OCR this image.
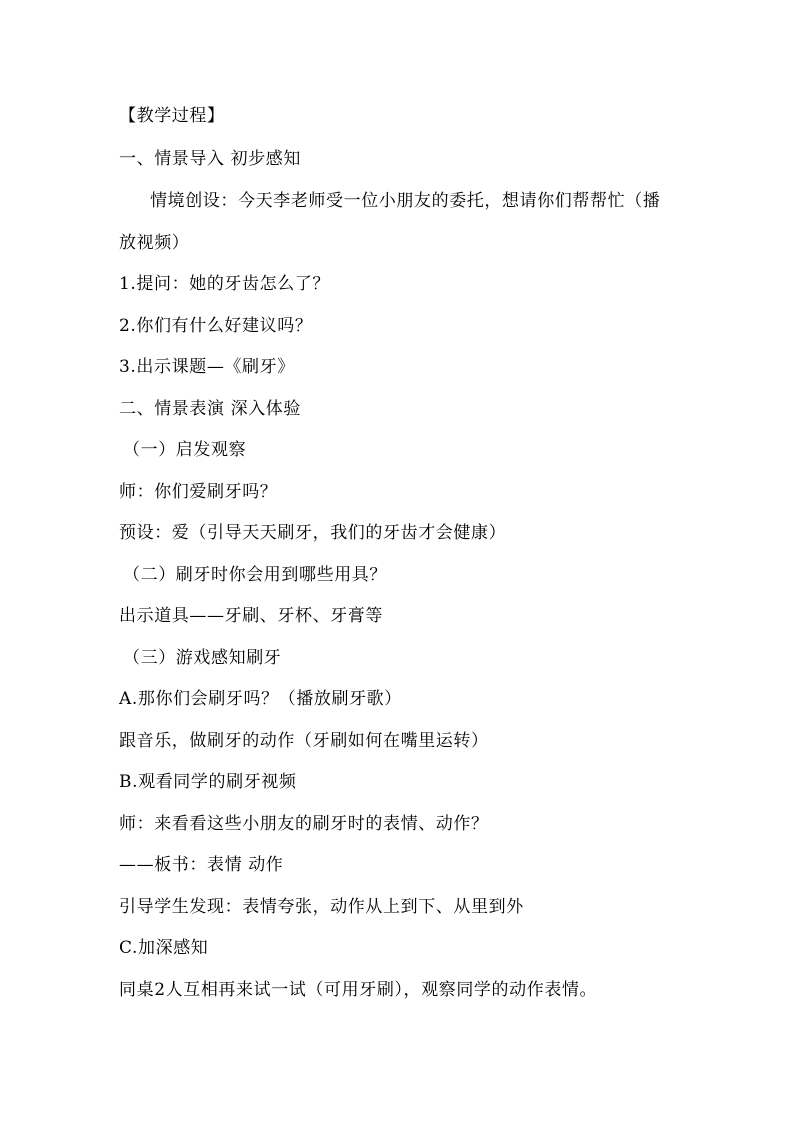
【教学过程】
一、情景导入 初步感知
情境创设：今天李老师受一位小朋友的委托，想请你们帮帮忙（播
放视频）
1.提问：她的牙齿怎么了？
2.你们有什么好建议吗？
3.出示课题—《刷牙》
二、情景表演 深入体验
（一）启发观察
师：你们爱刷牙吗？
预设：爱（引导天天刷牙，我们的牙齿才会健康）
（二）刷牙时你会用到哪些用具？
出示道具——牙刷、牙杯、牙膏等
（三）游戏感知刷牙
A.那你们会刷牙吗？（播放刷牙歌）
跟音乐，做刷牙的动作（牙刷如何在嘴里运转）
B.观看同学的刷牙视频
师：来看看这些小朋友的刷牙时的表情、动作？
——板书：表情 动作
引导学生发现：表情夸张，动作从上到下、从里到外
C.加深感知
同桌2人互相再来试一试（可用牙刷），观察同学的动作表情。
